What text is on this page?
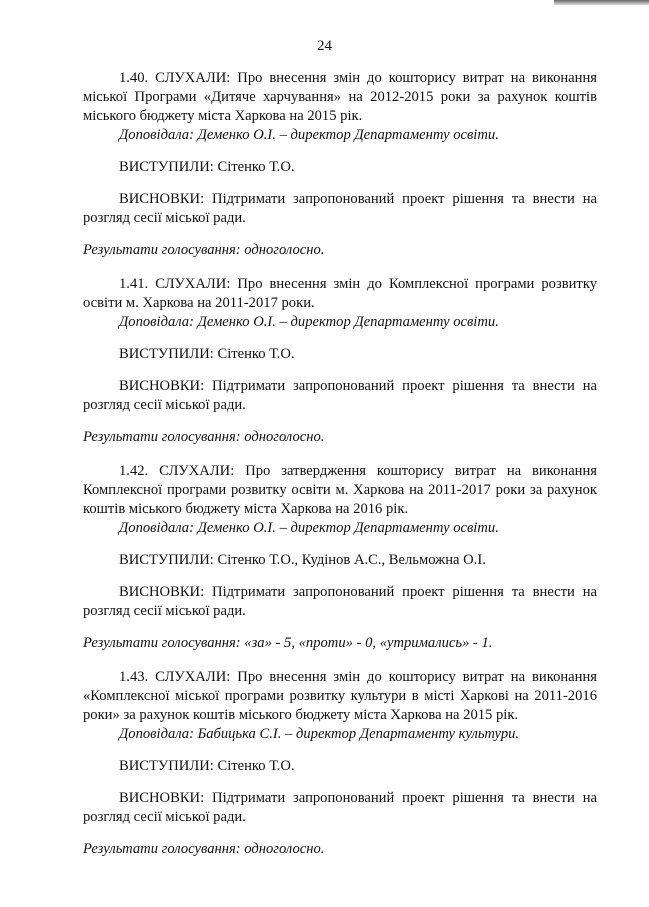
24

1.40. СЛУХАЛИ: Про внесення змін до кошторису витрат на виконання міської Програми «Дитяче харчування» на 2012-2015 роки за рахунок коштів міського бюджету міста Харкова на 2015 рік.

Доповідала: Деменко О.І. – директор Департаменту освіти.

ВИСТУПИЛИ: Сітенко Т.О.

ВИСНОВКИ: Підтримати запропонований проект рішення та внести на розгляд сесії міської ради.

Результати голосування: одноголосно.

1.41. СЛУХАЛИ: Про внесення змін до Комплексної програми розвитку освіти м. Харкова на 2011-2017 роки.

Доповідала: Деменко О.І. – директор Департаменту освіти.

ВИСТУПИЛИ: Сітенко Т.О.

ВИСНОВКИ: Підтримати запропонований проект рішення та внести на розгляд сесії міської ради.

Результати голосування: одноголосно.

1.42. СЛУХАЛИ: Про затвердження кошторису витрат на виконання Комплексної програми розвитку освіти м. Харкова на 2011-2017 роки за рахунок коштів міського бюджету міста Харкова на 2016 рік.

Доповідала: Деменко О.І. – директор Департаменту освіти.

ВИСТУПИЛИ: Сітенко Т.О., Кудінов А.С., Вельможна О.І.

ВИСНОВКИ: Підтримати запропонований проект рішення та внести на розгляд сесії міської ради.

Результати голосування: «за» - 5, «проти» - 0, «утримались» - 1.

1.43. СЛУХАЛИ: Про внесення змін до кошторису витрат на виконання «Комплексної міської програми розвитку культури в місті Харкові на 2011-2016 роки» за рахунок коштів міського бюджету міста Харкова на 2015 рік.

Доповідала: Бабицька С.І. – директор Департаменту культури.

ВИСТУПИЛИ: Сітенко Т.О.

ВИСНОВКИ: Підтримати запропонований проект рішення та внести на розгляд сесії міської ради.

Результати голосування: одноголосно.
